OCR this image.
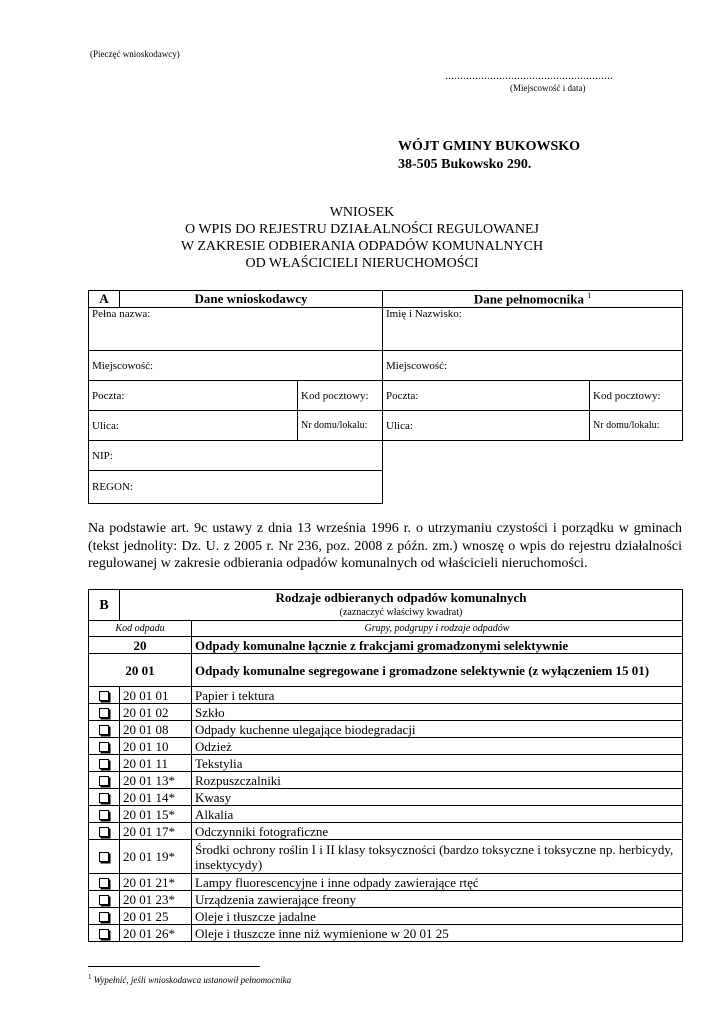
(Pieczęć wnioskodawcy)
........................................................
(Miejscowość i data)
WÓJT GMINY BUKOWSKO
38-505 Bukowsko 290.
WNIOSEK
O WPIS DO REJESTRU DZIAŁALNOŚCI REGULOWANEJ
W ZAKRESIE ODBIERANIA ODPADÓW KOMUNALNYCH
OD WŁAŚCICIELI NIERUCHOMOŚCI
A	Dane wnioskodawcy		Dane pełnomocnika $^1$
Pełna nazwa:			Imię i Nazwisko:	
Miejscowość:			Miejscowość:	
Poczta:		Kod pocztowy:	Poczta:	Kod pocztowy:
Ulica:		Nr domu/lokalu:	Ulica:	Nr domu/lokalu:
NIP:				
REGON:				
Na podstawie art. 9c ustawy z dnia 13 września 1996 r. o utrzymaniu czystości i porządku w gminach (tekst jednolity: Dz. U. z 2005 r. Nr 236, poz. 2008 z późn. zm.) wnoszę o wpis do rejestru działalności regulowanej w zakresie odbierania odpadów komunalnych od właścicieli nieruchomości.
B	Rodzaje odbieranych odpadów komunalnych
(zaznaczyć właściwy kwadrat)	

Kod odpadu		Grupy, podgrupy i rodzaje odpadów
20		Odpady komunalne łącznie z frakcjami gromadzonymi selektywnie
20 01		Odpady komunalne segregowane i gromadzone selektywnie (z wyłączeniem 15 01)
	20 01 01	Papier i tektura
	20 01 02	Szkło
	20 01 08	Odpady kuchenne ulegające biodegradacji
	20 01 10	Odzież
	20 01 11	Tekstylia
	20 01 13*	Rozpuszczalniki
	20 01 14*	Kwasy
	20 01 15*	Alkalia
	20 01 17*	Odczynniki fotograficzne
	20 01 19*	Środki ochrony roślin I i II klasy toksyczności (bardzo toksyczne i toksyczne np. herbicydy, insektycydy)
	20 01 21*	Lampy fluorescencyjne i inne odpady zawierające rtęć
	20 01 23*	Urządzenia zawierające freony
	20 01 25	Oleje i tłuszcze jadalne
	20 01 26*	Oleje i tłuszcze inne niż wymienione w 20 01 25
$^1$ Wypełnić, jeśli wnioskodawca ustanowił pełnomocnika
